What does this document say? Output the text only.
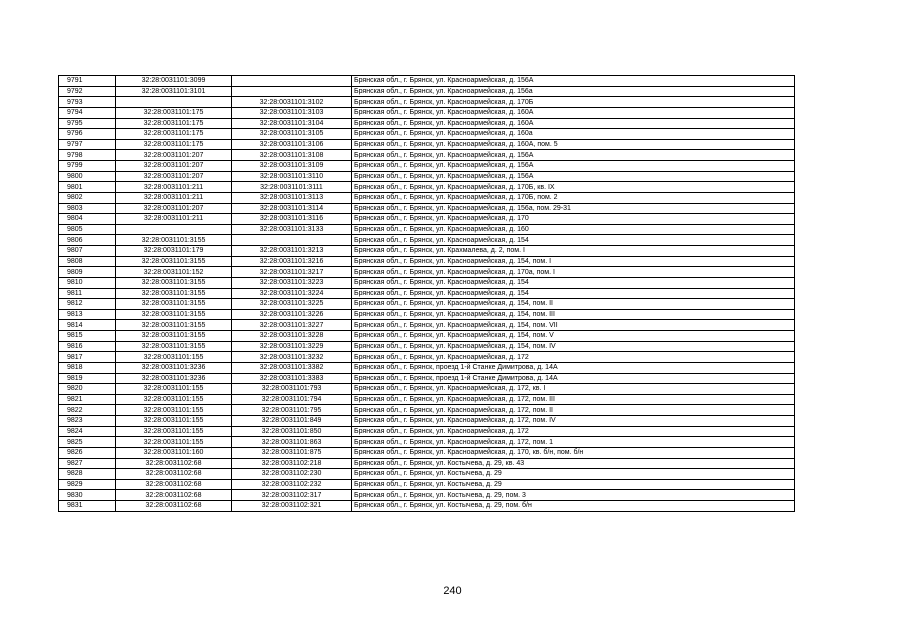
9791	32:28:0031101:3099		Брянская обл., г. Брянск, ул. Красноармейская, д. 156А
9792	32:28:0031101:3101		Брянская обл., г. Брянск, ул. Красноармейская, д. 156а
9793		32:28:0031101:3102	Брянская обл., г. Брянск, ул. Красноармейская, д. 170Б
9794	32:28:0031101:175	32:28:0031101:3103	Брянская обл., г. Брянск, ул. Красноармейская, д. 160А
9795	32:28:0031101:175	32:28:0031101:3104	Брянская обл., г. Брянск, ул. Красноармейская, д. 160А
9796	32:28:0031101:175	32:28:0031101:3105	Брянская обл., г. Брянск, ул. Красноармейская, д. 160а
9797	32:28:0031101:175	32:28:0031101:3106	Брянская обл., г. Брянск, ул. Красноармейская, д. 160А, пом. 5
9798	32:28:0031101:207	32:28:0031101:3108	Брянская обл., г. Брянск, ул. Красноармейская, д. 156А
9799	32:28:0031101:207	32:28:0031101:3109	Брянская обл., г. Брянск, ул. Красноармейская, д. 156А
9800	32:28:0031101:207	32:28:0031101:3110	Брянская обл., г. Брянск, ул. Красноармейская, д. 156А
9801	32:28:0031101:211	32:28:0031101:3111	Брянская обл., г. Брянск, ул. Красноармейская, д. 170Б, кв. IX
9802	32:28:0031101:211	32:28:0031101:3113	Брянская обл., г. Брянск, ул. Красноармейская, д. 170Б, пом. 2
9803	32:28:0031101:207	32:28:0031101:3114	Брянская обл., г. Брянск, ул. Красноармейская, д. 156а, пом. 29-31
9804	32:28:0031101:211	32:28:0031101:3116	Брянская обл., г. Брянск, ул. Красноармейская, д. 170
9805		32:28:0031101:3133	Брянская обл., г. Брянск, ул. Красноармейская, д. 160
9806	32:28:0031101:3155		Брянская обл., г. Брянск, ул. Красноармейская, д. 154
9807	32:28:0031101:179	32:28:0031101:3213	Брянская обл., г. Брянск, ул. Крахмалева, д. 2, пом. I
9808	32:28:0031101:3155	32:28:0031101:3216	Брянская обл., г. Брянск, ул. Красноармейская, д. 154, пом. I
9809	32:28:0031101:152	32:28:0031101:3217	Брянская обл., г. Брянск, ул. Красноармейская, д. 170а, пом. I
9810	32:28:0031101:3155	32:28:0031101:3223	Брянская обл., г. Брянск, ул. Красноармейская, д. 154
9811	32:28:0031101:3155	32:28:0031101:3224	Брянская обл., г. Брянск, ул. Красноармейская, д. 154
9812	32:28:0031101:3155	32:28:0031101:3225	Брянская обл., г. Брянск, ул. Красноармейская, д. 154, пом. II
9813	32:28:0031101:3155	32:28:0031101:3226	Брянская обл., г. Брянск, ул. Красноармейская, д. 154, пом. III
9814	32:28:0031101:3155	32:28:0031101:3227	Брянская обл., г. Брянск, ул. Красноармейская, д. 154, пом. VII
9815	32:28:0031101:3155	32:28:0031101:3228	Брянская обл., г. Брянск, ул. Красноармейская, д. 154, пом. V
9816	32:28:0031101:3155	32:28:0031101:3229	Брянская обл., г. Брянск, ул. Красноармейская, д. 154, пом. IV
9817	32:28:0031101:155	32:28:0031101:3232	Брянская обл., г. Брянск, ул. Красноармейская, д. 172
9818	32:28:0031101:3236	32:28:0031101:3382	Брянская обл., г. Брянск, проезд 1-й Станке Димитрова, д. 14А
9819	32:28:0031101:3236	32:28:0031101:3383	Брянская обл., г. Брянск, проезд 1-й Станке Димитрова, д. 14А
9820	32:28:0031101:155	32:28:0031101:793	Брянская обл., г. Брянск, ул. Красноармейская, д. 172, кв. I
9821	32:28:0031101:155	32:28:0031101:794	Брянская обл., г. Брянск, ул. Красноармейская, д. 172, пом. III
9822	32:28:0031101:155	32:28:0031101:795	Брянская обл., г. Брянск, ул. Красноармейская, д. 172, пом. II
9823	32:28:0031101:155	32:28:0031101:849	Брянская обл., г. Брянск, ул. Красноармейская, д. 172, пом. IV
9824	32:28:0031101:155	32:28:0031101:850	Брянская обл., г. Брянск, ул. Красноармейская, д. 172
9825	32:28:0031101:155	32:28:0031101:863	Брянская обл., г. Брянск, ул. Красноармейская, д. 172, пом. 1
9826	32:28:0031101:160	32:28:0031101:875	Брянская обл., г. Брянск, ул. Красноармейская, д. 170, кв. б/н, пом. б/н
9827	32:28:0031102:68	32:28:0031102:218	Брянская обл., г. Брянск, ул. Костычева, д. 29, кв. 43
9828	32:28:0031102:68	32:28:0031102:230	Брянская обл., г. Брянск, ул. Костычева, д. 29
9829	32:28:0031102:68	32:28:0031102:232	Брянская обл., г. Брянск, ул. Костычева, д. 29
9830	32:28:0031102:68	32:28:0031102:317	Брянская обл., г. Брянск, ул. Костычева, д. 29, пом. 3
9831	32:28:0031102:68	32:28:0031102:321	Брянская обл., г. Брянск, ул. Костычева, д. 29, пом. б/н
240
